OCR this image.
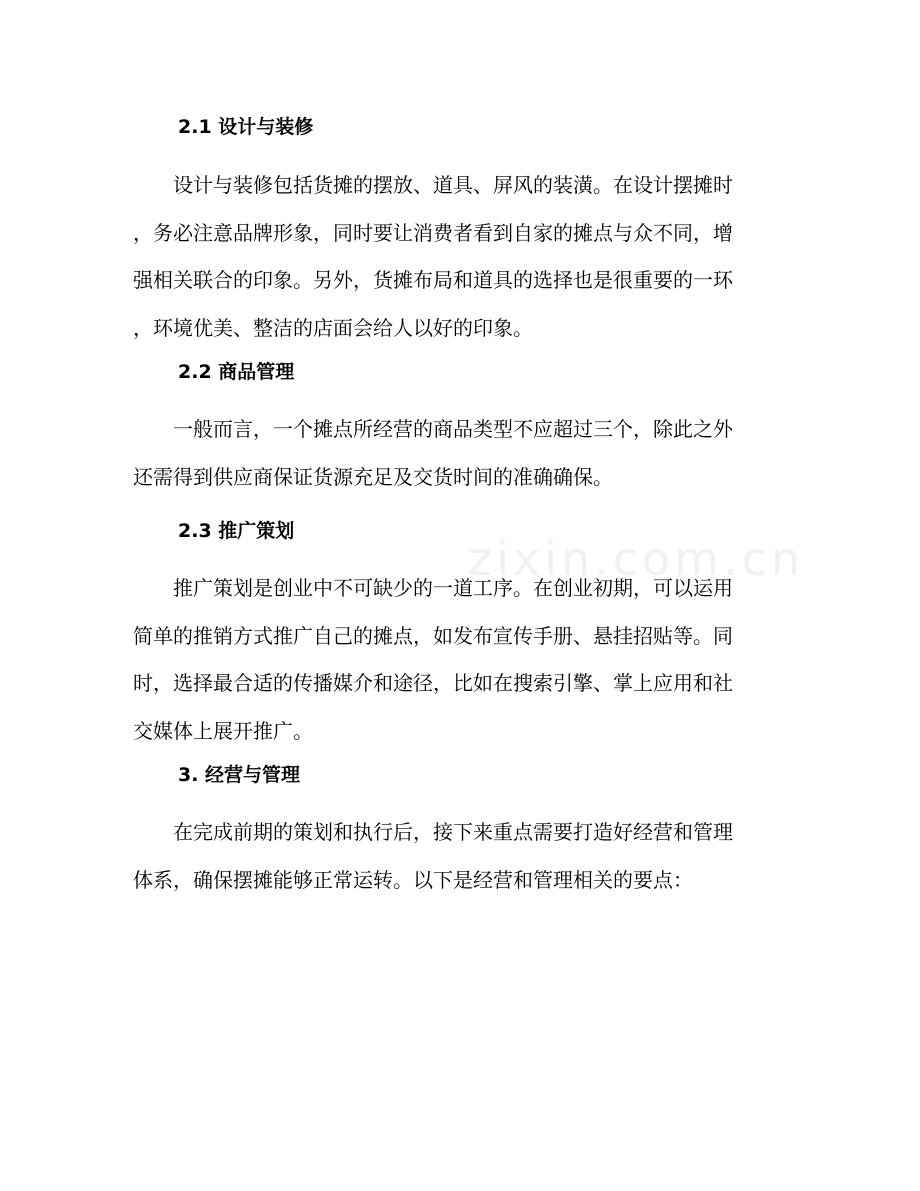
zixin.com.cn
2.1 设计与装修
　　设计与装修包括货摊的摆放、道具、屏风的装潢。在设计摆摊时
，务必注意品牌形象，同时要让消费者看到自家的摊点与众不同，增
强相关联合的印象。另外，货摊布局和道具的选择也是很重要的一环
，环境优美、整洁的店面会给人以好的印象。
2.2 商品管理
　　一般而言，一个摊点所经营的商品类型不应超过三个，除此之外
还需得到供应商保证货源充足及交货时间的准确确保。
2.3 推广策划
　　推广策划是创业中不可缺少的一道工序。在创业初期，可以运用
简单的推销方式推广自己的摊点，如发布宣传手册、悬挂招贴等。同
时，选择最合适的传播媒介和途径，比如在搜索引擎、掌上应用和社
交媒体上展开推广。
3. 经营与管理
　　在完成前期的策划和执行后，接下来重点需要打造好经营和管理
体系，确保摆摊能够正常运转。以下是经营和管理相关的要点：
